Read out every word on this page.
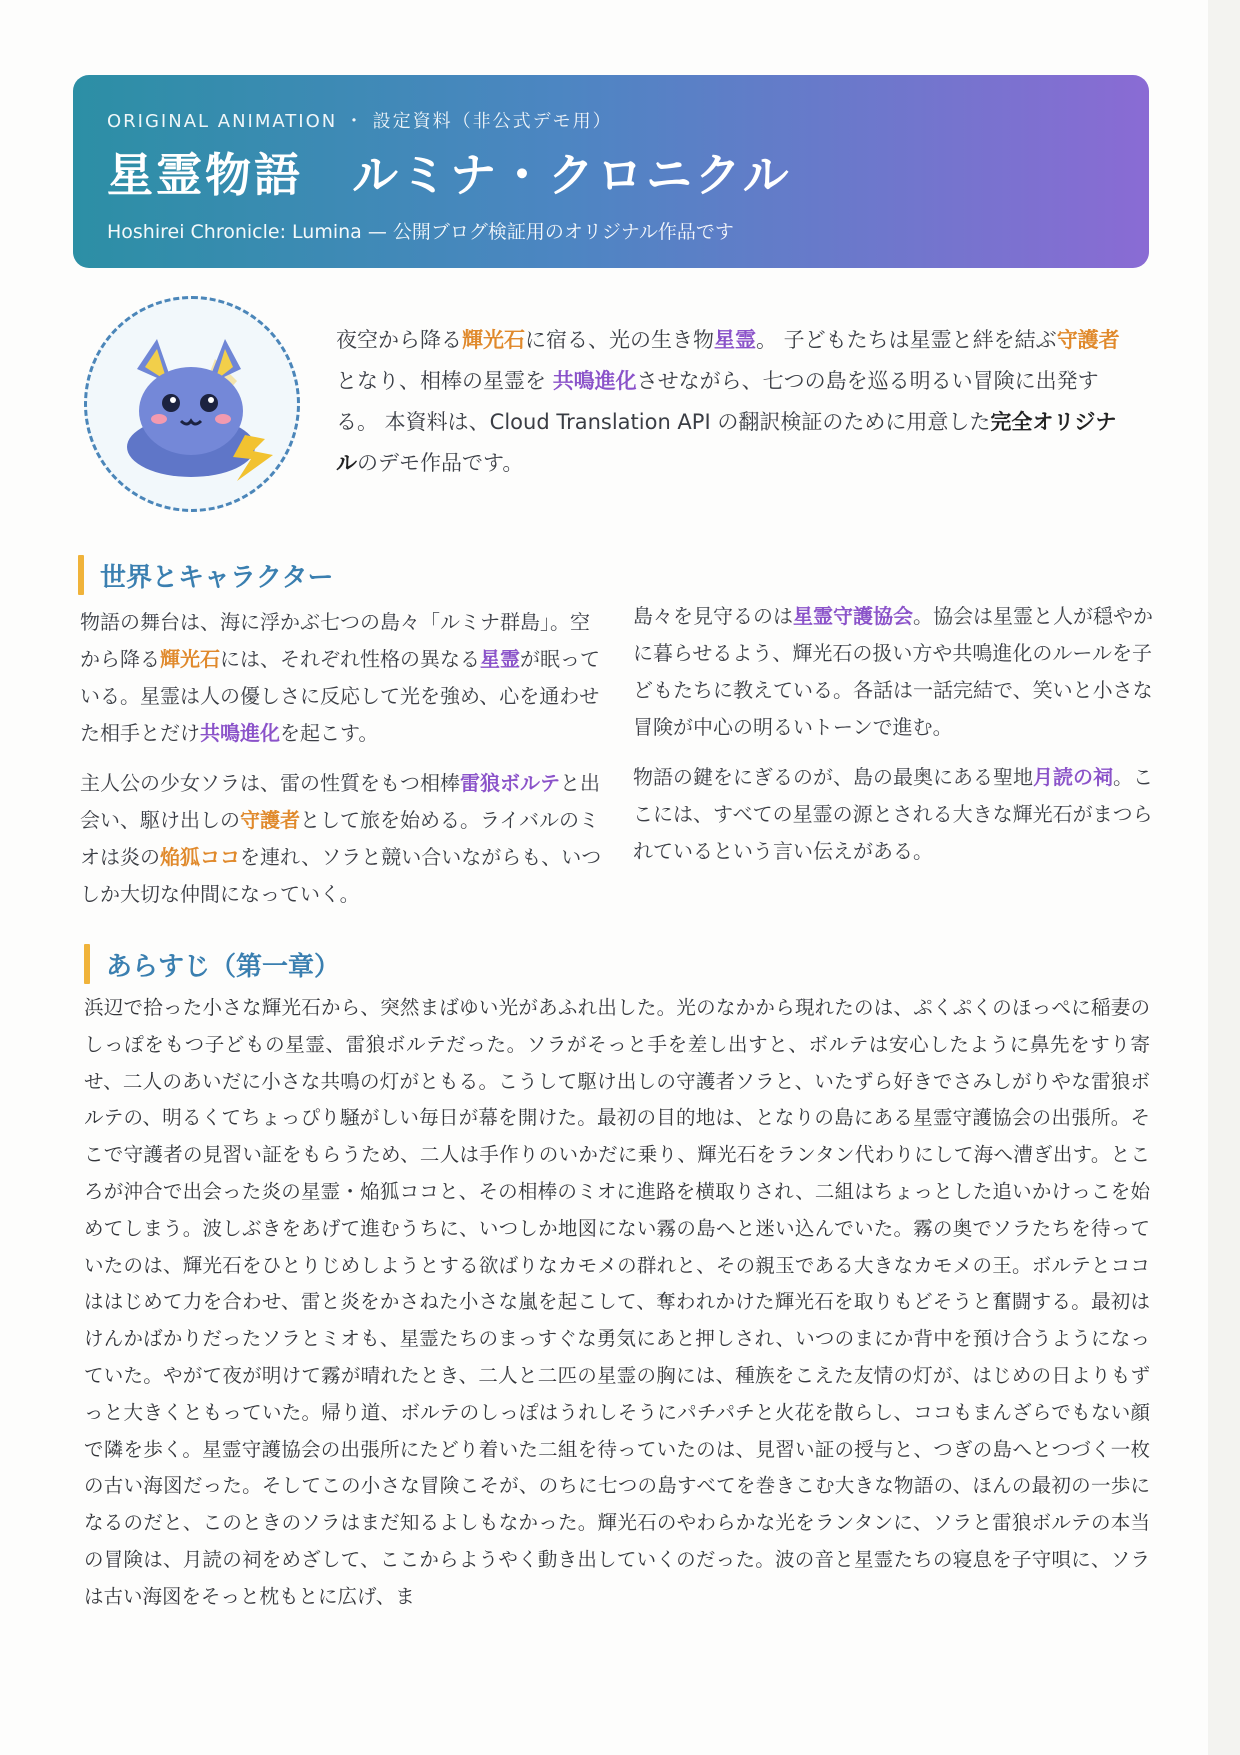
ORIGINAL ANIMATION ・ 設定資料（非公式デモ用）
星霊物語　ルミナ・クロニクル
Hoshirei Chronicle: Lumina — 公開ブログ検証用のオリジナル作品です

夜空から降る輝光石に宿る、光の生き物星霊。 子どもたちは星霊と絆を結ぶ守護者となり、相棒の星霊を 共鳴進化させながら、七つの島を巡る明るい冒険に出発する。 本資料は、Cloud Translation API の翻訳検証のために用意した完全オリジナルのデモ作品です。

世界とキャラクター

物語の舞台は、海に浮かぶ七つの島々「ルミナ群島」。空から降る輝光石には、それぞれ性格の異なる星霊が眠っている。星霊は人の優しさに反応して光を強め、心を通わせた相手とだけ共鳴進化を起こす。

主人公の少女ソラは、雷の性質をもつ相棒雷狼ボルテと出会い、駆け出しの守護者として旅を始める。ライバルのミオは炎の焔狐ココを連れ、ソラと競い合いながらも、いつしか大切な仲間になっていく。

島々を見守るのは星霊守護協会。協会は星霊と人が穏やかに暮らせるよう、輝光石の扱い方や共鳴進化のルールを子どもたちに教えている。各話は一話完結で、笑いと小さな冒険が中心の明るいトーンで進む。

物語の鍵をにぎるのが、島の最奥にある聖地月読の祠。ここには、すべての星霊の源とされる大きな輝光石がまつられているという言い伝えがある。

あらすじ（第一章）
浜辺で拾った小さな輝光石から、突然まばゆい光があふれ出した。光のなかから現れたのは、ぷくぷくのほっぺに稲妻のしっぽをもつ子どもの星霊、雷狼ボルテだった。ソラがそっと手を差し出すと、ボルテは安心したように鼻先をすり寄せ、二人のあいだに小さな共鳴の灯がともる。こうして駆け出しの守護者ソラと、いたずら好きでさみしがりやな雷狼ボルテの、明るくてちょっぴり騒がしい毎日が幕を開けた。最初の目的地は、となりの島にある星霊守護協会の出張所。そこで守護者の見習い証をもらうため、二人は手作りのいかだに乗り、輝光石をランタン代わりにして海へ漕ぎ出す。ところが沖合で出会った炎の星霊・焔狐ココと、その相棒のミオに進路を横取りされ、二組はちょっとした追いかけっこを始めてしまう。波しぶきをあげて進むうちに、いつしか地図にない霧の島へと迷い込んでいた。霧の奥でソラたちを待っていたのは、輝光石をひとりじめしようとする欲ばりなカモメの群れと、その親玉である大きなカモメの王。ボルテとココははじめて力を合わせ、雷と炎をかさねた小さな嵐を起こして、奪われかけた輝光石を取りもどそうと奮闘する。最初はけんかばかりだったソラとミオも、星霊たちのまっすぐな勇気にあと押しされ、いつのまにか背中を預け合うようになっていた。やがて夜が明けて霧が晴れたとき、二人と二匹の星霊の胸には、種族をこえた友情の灯が、はじめの日よりもずっと大きくともっていた。帰り道、ボルテのしっぽはうれしそうにパチパチと火花を散らし、ココもまんざらでもない顔で隣を歩く。星霊守護協会の出張所にたどり着いた二組を待っていたのは、見習い証の授与と、つぎの島へとつづく一枚の古い海図だった。そしてこの小さな冒険こそが、のちに七つの島すべてを巻きこむ大きな物語の、ほんの最初の一歩になるのだと、このときのソラはまだ知るよしもなかった。輝光石のやわらかな光をランタンに、ソラと雷狼ボルテの本当の冒険は、月読の祠をめざして、ここからようやく動き出していくのだった。波の音と星霊たちの寝息を子守唄に、ソラは古い海図をそっと枕もとに広げ、ま
